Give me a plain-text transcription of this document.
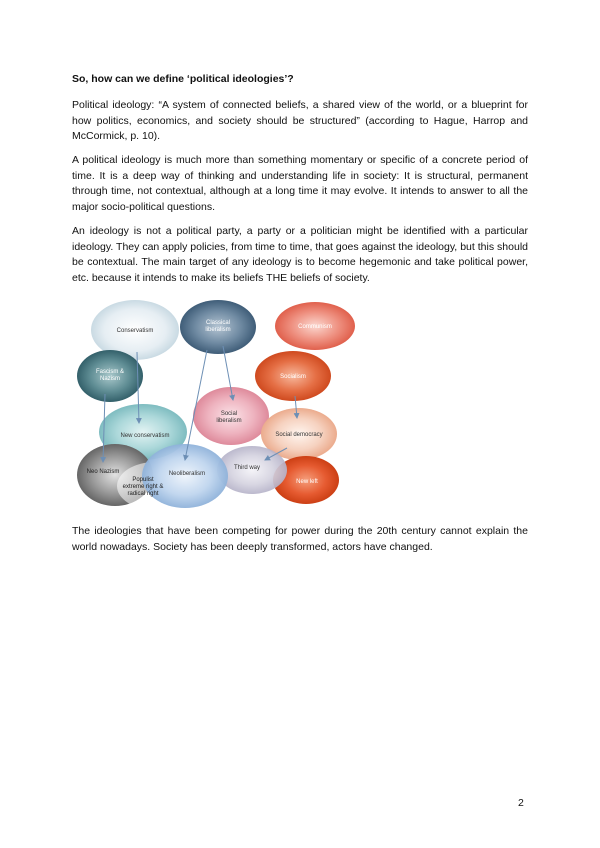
So, how can we define ‘political ideologies’?

Political ideology: “A system of connected beliefs, a shared view of the world, or a blueprint for how politics, economics, and society should be structured” (according to Hague, Harrop and McCormick, p. 10).

A political ideology is much more than something momentary or specific of a concrete period of time. It is a deep way of thinking and understanding life in society: It is structural, permanent through time, not contextual, although at a long time it may evolve. It intends to answer to all the major socio-political questions.

An ideology is not a political party, a party or a politician might be identified with a particular ideology. They can apply policies, from time to time, that goes against the ideology, but this should be contextual. The main target of any ideology is to become hegemonic and take political power, etc. because it intends to make its beliefs THE beliefs of society.

Conservatism
Classical liberalism	Communism
Fascism & Nazism	Socialism
Social liberalism
Social democracy
New conservatism
Neo Nazism	Neoliberalism
Third way
New left
Populist extreme right & radical right

The ideologies that have been competing for power during the 20th century cannot explain the world nowadays. Society has been deeply transformed, actors have changed.

2
